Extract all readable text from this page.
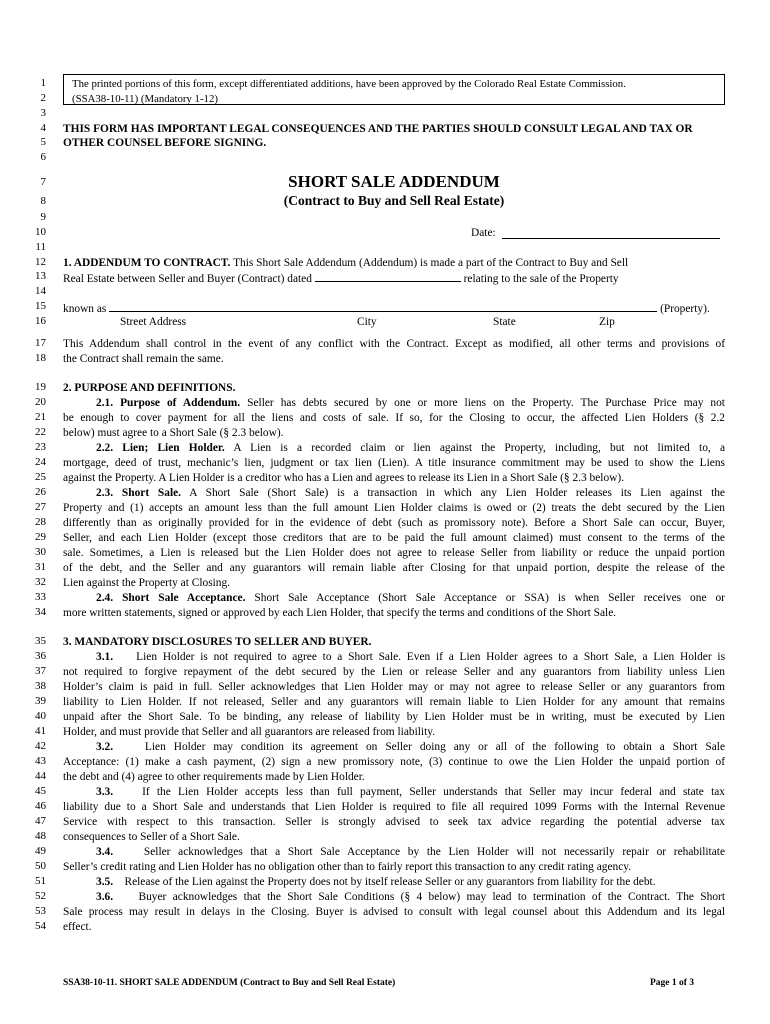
The printed portions of this form, except differentiated additions, have been approved by the Colorado Real Estate Commission.
(SSA38-10-11) (Mandatory 1-12)
1
2
3
4
5
6
7
8
9
10
11
12
13
14
15
16
17
18
19
20
21
22
23
24
25
26
27
28
29
30
31
32
33
34
35
36
37
38
39
40
41
42
43
44
45
46
47
48
49
50
51
52
53
54
THIS FORM HAS IMPORTANT LEGAL CONSEQUENCES AND THE PARTIES SHOULD CONSULT LEGAL AND TAX OR
OTHER COUNSEL BEFORE SIGNING.
SHORT SALE ADDENDUM
(Contract to Buy and Sell Real Estate)
Date:
1. ADDENDUM TO CONTRACT. This Short Sale Addendum (Addendum) is made a part of the Contract to Buy and Sell
Real Estate between Seller and Buyer (Contract) dated	relating to the sale of the Property
known as	(Property).
Street Address	City	State	Zip
This Addendum shall control in the event of any conflict with the Contract. Except as modified, all other terms and provisions of
the Contract shall remain the same.
2. PURPOSE AND DEFINITIONS.
2.1. Purpose of Addendum. Seller has debts secured by one or more liens on the Property. The Purchase Price may not
be enough to cover payment for all the liens and costs of sale. If so, for the Closing to occur, the affected Lien Holders (§ 2.2
below) must agree to a Short Sale (§ 2.3 below).
2.2. Lien; Lien Holder. A Lien is a recorded claim or lien against the Property, including, but not limited to, a
mortgage, deed of trust, mechanic’s lien, judgment or tax lien (Lien). A title insurance commitment may be used to show the Liens
against the Property. A Lien Holder is a creditor who has a Lien and agrees to release its Lien in a Short Sale (§ 2.3 below).
2.3. Short Sale. A Short Sale (Short Sale) is a transaction in which any Lien Holder releases its Lien against the
Property and (1) accepts an amount less than the full amount Lien Holder claims is owed or (2) treats the debt secured by the Lien
differently than as originally provided for in the evidence of debt (such as promissory note). Before a Short Sale can occur, Buyer,
Seller, and each Lien Holder (except those creditors that are to be paid the full amount claimed) must consent to the terms of the
sale. Sometimes, a Lien is released but the Lien Holder does not agree to release Seller from liability or reduce the unpaid portion
of the debt, and the Seller and any guarantors will remain liable after Closing for that unpaid portion, despite the release of the
Lien against the Property at Closing.
2.4. Short Sale Acceptance. Short Sale Acceptance (Short Sale Acceptance or SSA) is when Seller receives one or
more written statements, signed or approved by each Lien Holder, that specify the terms and conditions of the Short Sale.
3. MANDATORY DISCLOSURES TO SELLER AND BUYER.
3.1. Lien Holder is not required to agree to a Short Sale. Even if a Lien Holder agrees to a Short Sale, a Lien Holder is
not required to forgive repayment of the debt secured by the Lien or release Seller and any guarantors from liability unless Lien
Holder’s claim is paid in full. Seller acknowledges that Lien Holder may or may not agree to release Seller or any guarantors from
liability to Lien Holder. If not released, Seller and any guarantors will remain liable to Lien Holder for any amount that remains
unpaid after the Short Sale. To be binding, any release of liability by Lien Holder must be in writing, must be executed by Lien
Holder, and must provide that Seller and all guarantors are released from liability.
3.2.	Lien Holder may condition its agreement on Seller doing any or all of the following to obtain a Short Sale
Acceptance: (1) make a cash payment, (2) sign a new promissory note, (3) continue to owe the Lien Holder the unpaid portion of
the debt and (4) agree to other requirements made by Lien Holder.
3.3.	If the Lien Holder accepts less than full payment, Seller understands that Seller may incur federal and state tax
liability due to a Short Sale and understands that Lien Holder is required to file all required 1099 Forms with the Internal Revenue
Service with respect to this transaction. Seller is strongly advised to seek tax advice regarding the potential adverse tax
consequences to Seller of a Short Sale.
3.4.	Seller acknowledges that a Short Sale Acceptance by the Lien Holder will not necessarily repair or rehabilitate
Seller’s credit rating and Lien Holder has no obligation other than to fairly report this transaction to any credit rating agency.
3.5. Release of the Lien against the Property does not by itself release Seller or any guarantors from liability for the debt.
3.6. Buyer acknowledges that the Short Sale Conditions (§ 4 below) may lead to termination of the Contract. The Short
Sale process may result in delays in the Closing. Buyer is advised to consult with legal counsel about this Addendum and its legal
effect.
SSA38-10-11. SHORT SALE ADDENDUM (Contract to Buy and Sell Real Estate)	Page 1 of 3
